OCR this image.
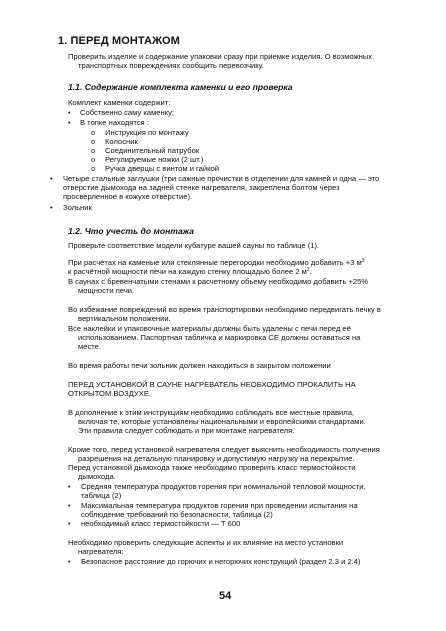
1. ПЕРЕД МОНТАЖОМ
Проверить изделие и содержание упаковки сразу при приемке изделия. О возможных
транспортных повреждениях сообщить перевозчику.
1.1. Содержание комплекта каменки и его проверка
Комплект каменки содержит:
• Собственно саму каменку;
• В топке находятся :
o Инструкция по монтажу
o Колосник
o Соединительный патрубок
o Регулируемые ножки (2 шт.)
o Ручка дверцы с винтом и гайкой
• Четыре стальные заглушки (три сажные прочистки в отделении для камней и одна — это
отверстие дымохода на задней стенке нагревателя, закрепленa болтом через
просверленное в кожухе отверстие).
• Зольник
1.2. Что учесть до монтажа
Проверьте соответствие модели кубатуре вашей сауны по таблице (1).
При расчётах на каменые или стеклянные перегородки необходимо добавить +3 $м^3$
к расчётной мощности печи на каждую стенку площадью более 2 $м^2$.
В саунах с бревенчатыми стенами к расчетному обьему необходимо добавить +25%
мощности печи.
Во избежание повреждений во время транспортировки необходимо передвигать печку в
вертикальном положении.
Все наклейки и упаковочные материалы должны быть удалены с печи перед её
использованием. Паспортная табличка и маркировка CE должны оставаться на
месте.
Во время работы печи зольник должен находиться в закрытом положении
ПЕРЕД УСТАНОВКОЙ В САУНЕ НАГРЕВАТЕЛЬ НЕОБХОДИМО ПРОКАЛИТЬ НА
ОТКРЫТОМ ВОЗДУХЕ.
В дополнение к этим инструкциям необходимо соблюдать все местные правила,
включая те, которые установлены национальными и европейскими стандартами.
Эти правила следует соблюдать и при монтаже нагревателя.
Кроме того, перед установкой нагревателя следует выяснить необходимость получения
разрешения на детальную планировку и допустимую нагрузку на перекрытие.
Перед установкой дымохода также необходимо проверить класс термостойкости
дымохода.
• Средняя температура продуктов горения при номинальной тепловой мощности,
таблица (2)
• Максимальная температура продуктов горения при проведении испытания на
соблюдение требований по безопасности, таблица (2)
• необходимый класс термостойкости — Т 600
Необходимо проверить следующие аспекты и их влияние на место установки
нагревателя:
• Безопасное расстояние до горючих и негорючих конструкций (раздел 2.3 и 2.4)
54
